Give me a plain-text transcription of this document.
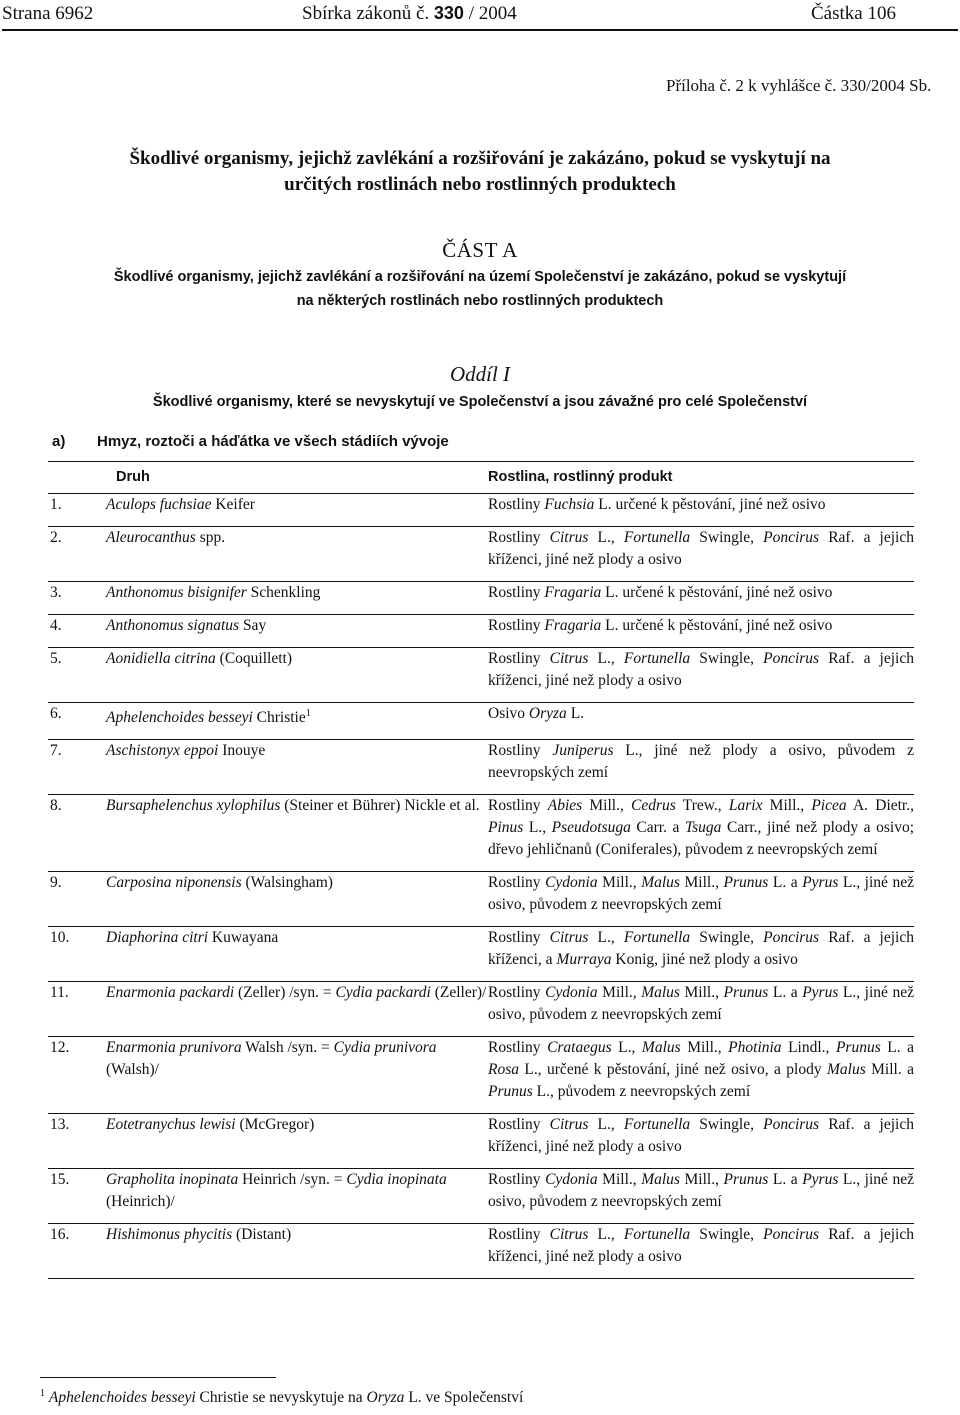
Strana 6962	Sbírka zákonů č. 330 / 2004	Částka 106
Příloha č. 2 k vyhlášce č. 330/2004 Sb.
Škodlivé organismy, jejichž zavlékání a rozšiřování je zakázáno, pokud se vyskytují na
určitých rostlinách nebo rostlinných produktech
ČÁST A
Škodlivé organismy, jejichž zavlékání a rozšiřování na území Společenství je zakázáno, pokud se vyskytují
na některých rostlinách nebo rostlinných produktech
Oddíl I
Škodlivé organismy, které se nevyskytují ve Společenství a jsou závažné pro celé Společenství
a) Hmyz, roztoči a háďátka ve všech stádiích vývoje
	Druh	Rostlina, rostlinný produkt
1.	Aculops fuchsiae Keifer	Rostliny Fuchsia L. určené k pěstování, jiné než osivo
2.	Aleurocanthus spp.	Rostliny Citrus L., Fortunella Swingle, Poncirus Raf. a jejich kříženci, jiné než plody a osivo
3.	Anthonomus bisignifer Schenkling	Rostliny Fragaria L. určené k pěstování, jiné než osivo
4.	Anthonomus signatus Say	Rostliny Fragaria L. určené k pěstování, jiné než osivo
5.	Aonidiella citrina (Coquillett)	Rostliny Citrus L., Fortunella Swingle, Poncirus Raf. a jejich kříženci, jiné než plody a osivo
6.	Aphelenchoides besseyi Christie$^1$	Osivo Oryza L.
7.	Aschistonyx eppoi Inouye	Rostliny Juniperus L., jiné než plody a osivo, původem z neevropských zemí
8.	Bursaphelenchus xylophilus (Steiner et Bührer) Nickle et al.	Rostliny Abies Mill., Cedrus Trew., Larix Mill., Picea A. Dietr., Pinus L., Pseudotsuga Carr. a Tsuga Carr., jiné než plody a osivo; dřevo jehličnanů (Coniferales), původem z neevropských zemí
9.	Carposina niponensis (Walsingham)	Rostliny Cydonia Mill., Malus Mill., Prunus L. a Pyrus L., jiné než osivo, původem z neevropských zemí
10.	Diaphorina citri Kuwayana	Rostliny Citrus L., Fortunella Swingle, Poncirus Raf. a jejich kříženci, a Murraya Konig, jiné než plody a osivo
11.	Enarmonia packardi (Zeller) /syn. = Cydia packardi (Zeller)/	Rostliny Cydonia Mill., Malus Mill., Prunus L. a Pyrus L., jiné než osivo, původem z neevropských zemí
12.	Enarmonia prunivora Walsh /syn. = Cydia prunivora (Walsh)/	Rostliny Crataegus L., Malus Mill., Photinia Lindl., Prunus L. a Rosa L., určené k pěstování, jiné než osivo, a plody Malus Mill. a Prunus L., původem z neevropských zemí
13.	Eotetranychus lewisi (McGregor)	Rostliny Citrus L., Fortunella Swingle, Poncirus Raf. a jejich kříženci, jiné než plody a osivo
15.	Grapholita inopinata Heinrich /syn. = Cydia inopinata (Heinrich)/	Rostliny Cydonia Mill., Malus Mill., Prunus L. a Pyrus L., jiné než osivo, původem z neevropských zemí
16.	Hishimonus phycitis (Distant)	Rostliny Citrus L., Fortunella Swingle, Poncirus Raf. a jejich kříženci, jiné než plody a osivo
$^1$ Aphelenchoides besseyi Christie se nevyskytuje na Oryza L. ve Společenství
